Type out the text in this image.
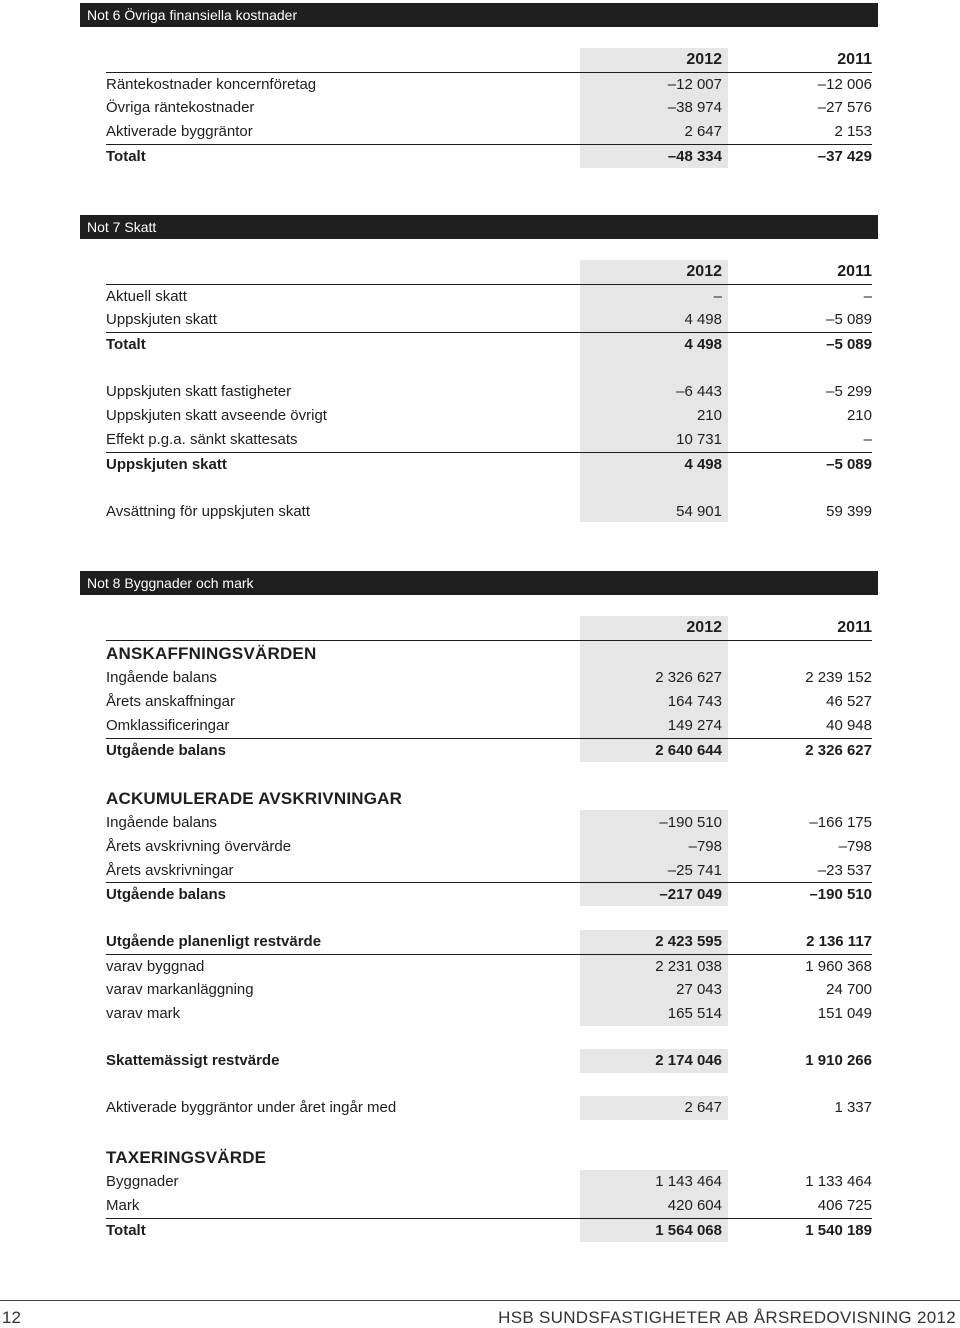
Not 6 Övriga finansiella kostnader
2012	2011
Räntekostnader koncernföretag	–12 007	–12 006
Övriga räntekostnader	–38 974	–27 576
Aktiverade byggräntor	2 647	2 153
Totalt	–48 334	–37 429
Not 7 Skatt
2012	2011
Aktuell skatt	–	–
Uppskjuten skatt	4 498	–5 089
Totalt	4 498	–5 089
Uppskjuten skatt fastigheter	–6 443	–5 299
Uppskjuten skatt avseende övrigt	210	210
Effekt p.g.a. sänkt skattesats	10 731	–
Uppskjuten skatt	4 498	–5 089
Avsättning för uppskjuten skatt	54 901	59 399
Not 8 Byggnader och mark
2012	2011
ANSKAFFNINGSVÄRDEN
Ingående balans	2 326 627	2 239 152
Årets anskaffningar	164 743	46 527
Omklassificeringar	149 274	40 948
Utgående balans	2 640 644	2 326 627
ACKUMULERADE AVSKRIVNINGAR
Ingående balans	–190 510	–166 175
Årets avskrivning övervärde	–798	–798
Årets avskrivningar	–25 741	–23 537
Utgående balans	–217 049	–190 510
Utgående planenligt restvärde	2 423 595	2 136 117
varav byggnad	2 231 038	1 960 368
varav markanläggning	27 043	24 700
varav mark	165 514	151 049
Skattemässigt restvärde	2 174 046	1 910 266
Aktiverade byggräntor under året ingår med	2 647	1 337
TAXERINGSVÄRDE
Byggnader	1 143 464	1 133 464
Mark	420 604	406 725
Totalt	1 564 068	1 540 189
12	HSB SUNDSFASTIGHETER AB ÅRSREDOVISNING 2012
